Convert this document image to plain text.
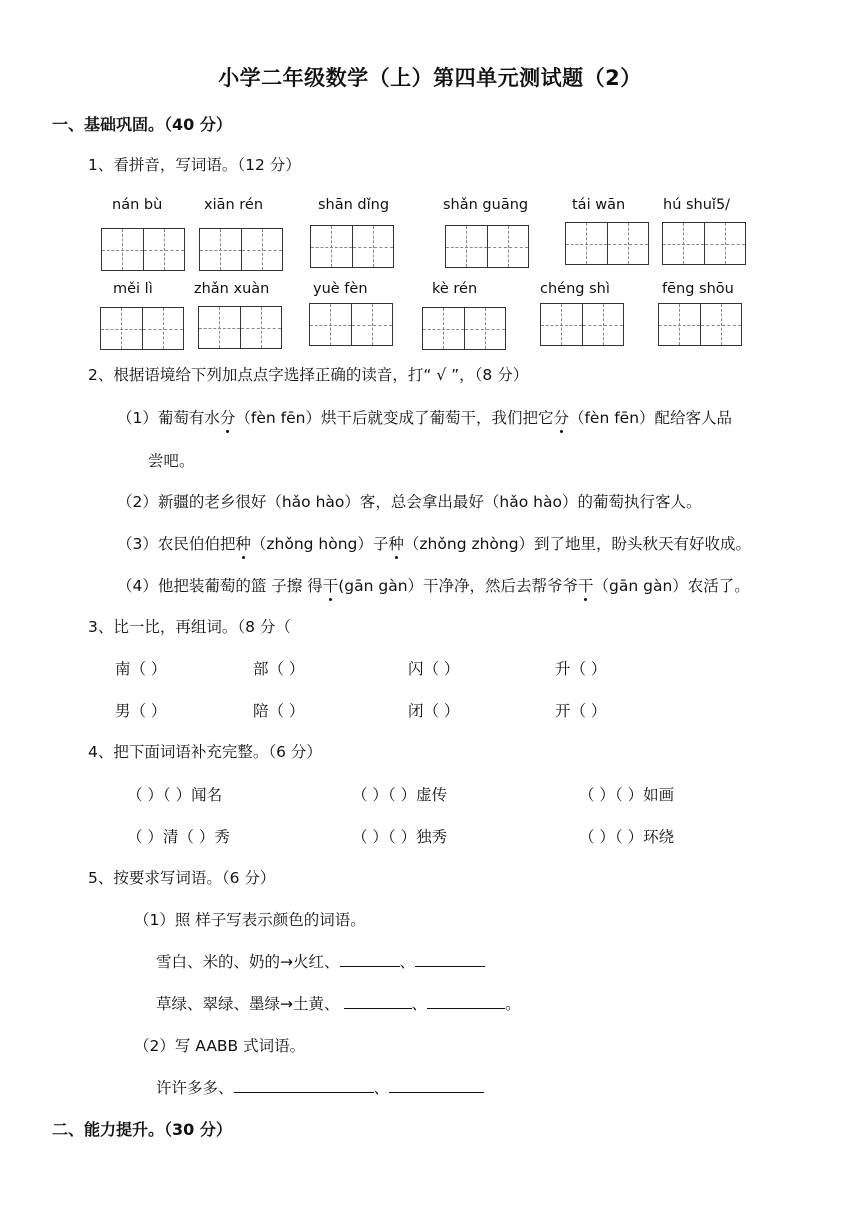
小学二年级数学（上）第四单元测试题（2）
一、基础巩固。（40 分）
1、看拼音，写词语。（12 分）
nán bù	xiān rén	shān dǐng	shǎn guāng	tái wān	hú shuǐ5/
měi lì	zhǎn xuàn	yuè fèn	kè rén	chéng shì	fēng shōu
2、根据语境给下列加点点字选择正确的读音，打“ √ ”，（8 分）
（1）葡萄有水分（fèn fēn）烘干后就变成了葡萄干，我们把它分（fèn fēn）配给客人品
尝吧。
（2）新疆的老乡很好（hǎo hào）客，总会拿出最好（hǎo hào）的葡萄执行客人。
（3）农民伯伯把种（zhǒng hòng）子种（zhǒng zhòng）到了地里，盼头秋天有好收成。
（4）他把装葡萄的篮 子擦 得干(gān gàn）干净净，然后去帮爷爷干（gān gàn）农活了。
3、比一比，再组词。（8 分（
南（ ）	部（ ）	闪（ ）	升（ ）
男（ ）	陪（ ）	闭（ ）	开（ ）
4、把下面词语补充完整。（6 分）
（ ）（ ）闻名	（ ）（ ）虚传	（ ）（ ）如画
（ ）清（ ）秀	（ ）（ ）独秀	（ ）（ ）环绕
5、按要求写词语。（6 分）
（1）照 样子写表示颜色的词语。
雪白、米的、奶的→火红、	、
草绿、翠绿、墨绿→土黄、	、	。
（2）写 AABB 式词语。
许许多多、	、
二、能力提升。（30 分）
